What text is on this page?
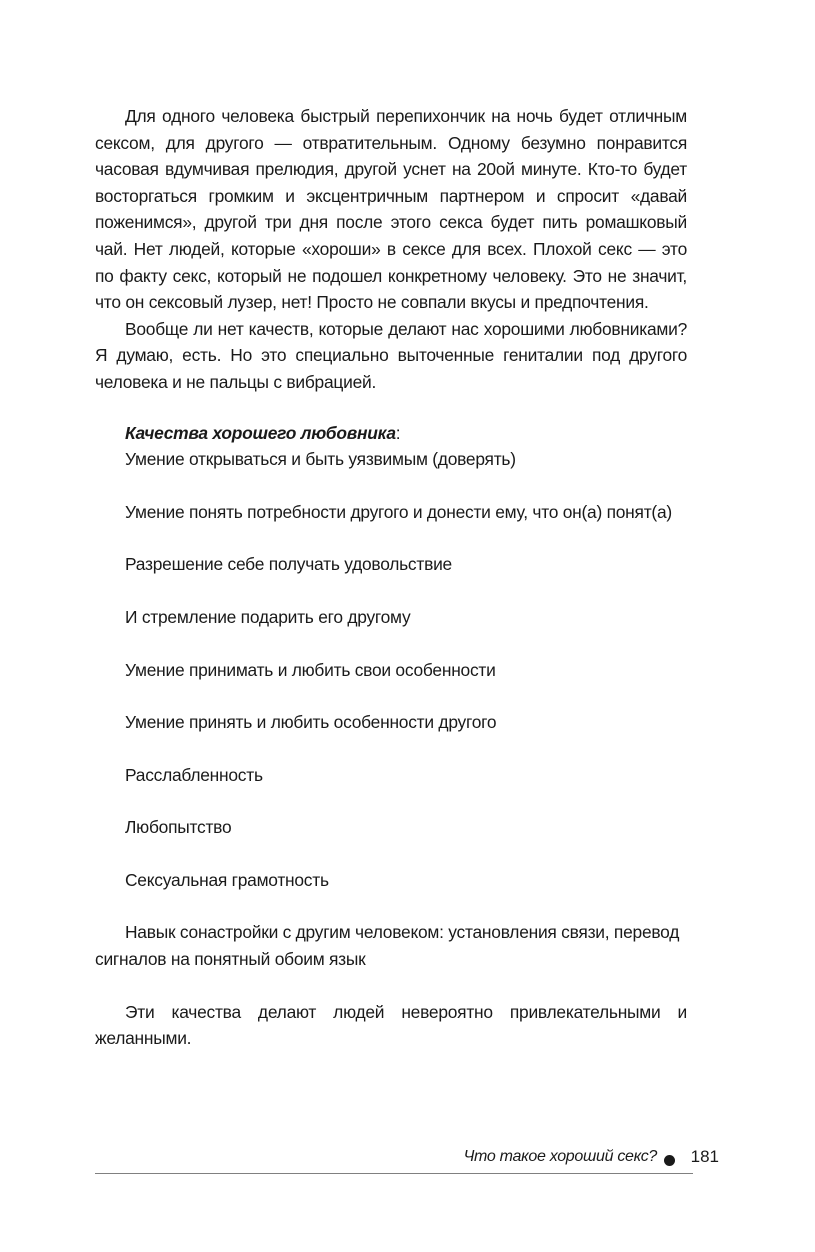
Для одного человека быстрый перепихончик на ночь будет отличным сексом, для другого — отвратительным. Одному безумно понравится часовая вдумчивая прелюдия, другой уснет на 20ой минуте. Кто-то будет восторгаться громким и эксцентричным партнером и спросит «давай поженимся», другой три дня после этого секса будет пить ромашковый чай. Нет людей, которые «хороши» в сексе для всех. Плохой секс — это по факту секс, который не подошел конкретному человеку. Это не значит, что он сексовый лузер, нет! Просто не совпали вкусы и предпочтения.

Вообще ли нет качеств, которые делают нас хорошими любовниками? Я думаю, есть. Но это специально выточенные гениталии под другого человека и не пальцы с вибрацией.

Качества хорошего любовника:

Умение открываться и быть уязвимым (доверять)
Умение понять потребности другого и донести ему, что он(а) понят(а)
Разрешение себе получать удовольствие
И стремление подарить его другому
Умение принимать и любить свои особенности
Умение принять и любить особенности другого
Расслабленность
Любопытство
Сексуальная грамотность
Навык сонастройки с другим человеком: установления связи, перевод сигналов на понятный обоим язык

Эти качества делают людей невероятно привлекательными и желанными.

Что такое хороший секс? 181
